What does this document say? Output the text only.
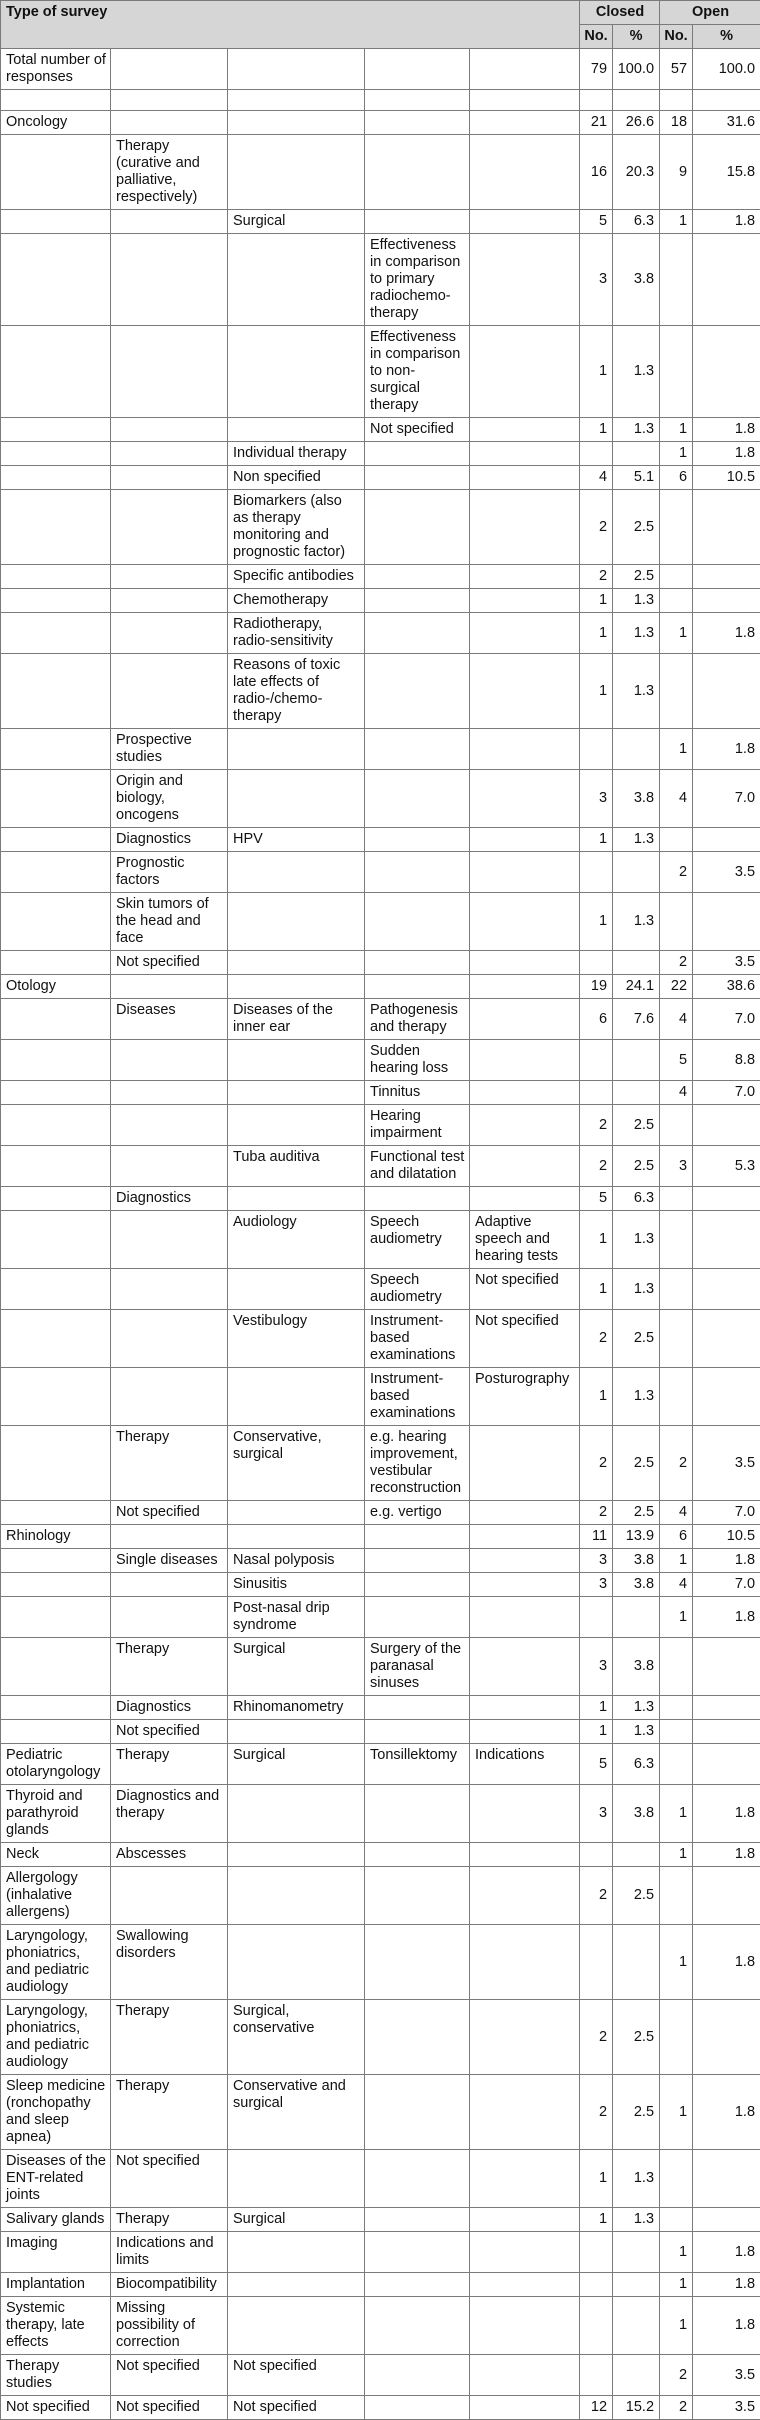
Type of survey					Closed		Open	
					No.	%	No.	%
Total number of responses					79	100.0	57	100.0

Oncology					21	26.6	18	31.6
	Therapy (curative and palliative, respectively)				16	20.3	9	15.8
		Surgical			5	6.3	1	1.8
			Effectiveness in comparison to primary radiochemo-therapy		3	3.8		
			Effectiveness in comparison to non-surgical therapy		1	1.3		
			Not specified		1	1.3	1	1.8
		Individual therapy					1	1.8
		Non specified			4	5.1	6	10.5
		Biomarkers (also as therapy monitoring and prognostic factor)			2	2.5		
		Specific antibodies			2	2.5		
		Chemotherapy			1	1.3		
		Radiotherapy, radio-sensitivity			1	1.3	1	1.8
		Reasons of toxic late effects of radio-/chemo-therapy			1	1.3		
	Prospective studies						1	1.8
	Origin and biology, oncogens				3	3.8	4	7.0
	Diagnostics	HPV			1	1.3		
	Prognostic factors						2	3.5
	Skin tumors of the head and face				1	1.3		
	Not specified						2	3.5
Otology					19	24.1	22	38.6
	Diseases	Diseases of the inner ear	Pathogenesis and therapy		6	7.6	4	7.0
			Sudden hearing loss				5	8.8
			Tinnitus				4	7.0
			Hearing impairment		2	2.5		
		Tuba auditiva	Functional test and dilatation		2	2.5	3	5.3
	Diagnostics				5	6.3		
		Audiology	Speech audiometry	Adaptive speech and hearing tests	1	1.3		
			Speech audiometry	Not specified	1	1.3		
		Vestibulogy	Instrument-based examinations	Not specified	2	2.5		
			Instrument-based examinations	Posturography	1	1.3		
	Therapy	Conservative, surgical	e.g. hearing improvement, vestibular reconstruction		2	2.5	2	3.5
	Not specified		e.g. vertigo		2	2.5	4	7.0
Rhinology					11	13.9	6	10.5
	Single diseases	Nasal polyposis			3	3.8	1	1.8
		Sinusitis			3	3.8	4	7.0
		Post-nasal drip syndrome					1	1.8
	Therapy	Surgical	Surgery of the paranasal sinuses		3	3.8		
	Diagnostics	Rhinomanometry			1	1.3		
	Not specified				1	1.3		
Pediatric otolaryngology	Therapy	Surgical	Tonsillektomy	Indications	5	6.3		
Thyroid and parathyroid glands	Diagnostics and therapy				3	3.8	1	1.8
Neck	Abscesses						1	1.8
Allergology (inhalative allergens)					2	2.5		
Laryngology, phoniatrics, and pediatric audiology	Swallowing disorders						1	1.8
Laryngology, phoniatrics, and pediatric audiology	Therapy	Surgical, conservative			2	2.5		
Sleep medicine (ronchopathy and sleep apnea)	Therapy	Conservative and surgical			2	2.5	1	1.8
Diseases of the ENT-related joints	Not specified				1	1.3		
Salivary glands	Therapy	Surgical			1	1.3		
Imaging	Indications and limits						1	1.8
Implantation	Biocompatibility						1	1.8
Systemic therapy, late effects	Missing possibility of correction						1	1.8
Therapy studies	Not specified	Not specified					2	3.5
Not specified	Not specified	Not specified			12	15.2	2	3.5
